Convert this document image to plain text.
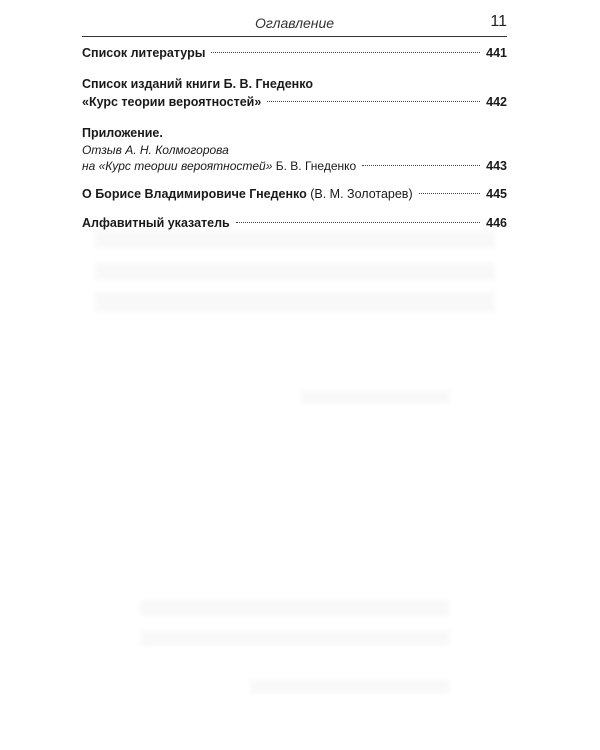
Оглавление	11
Список литературы	441
Список изданий книги Б. В. Гнеденко
«Курс теории вероятностей»	442
Приложение.
Отзыв А. Н. Колмогорова
на «Курс теории вероятностей» Б. В. Гнеденко	443
О Борисе Владимировиче Гнеденко (В. М. Золотарев)	445
Алфавитный указатель	446
